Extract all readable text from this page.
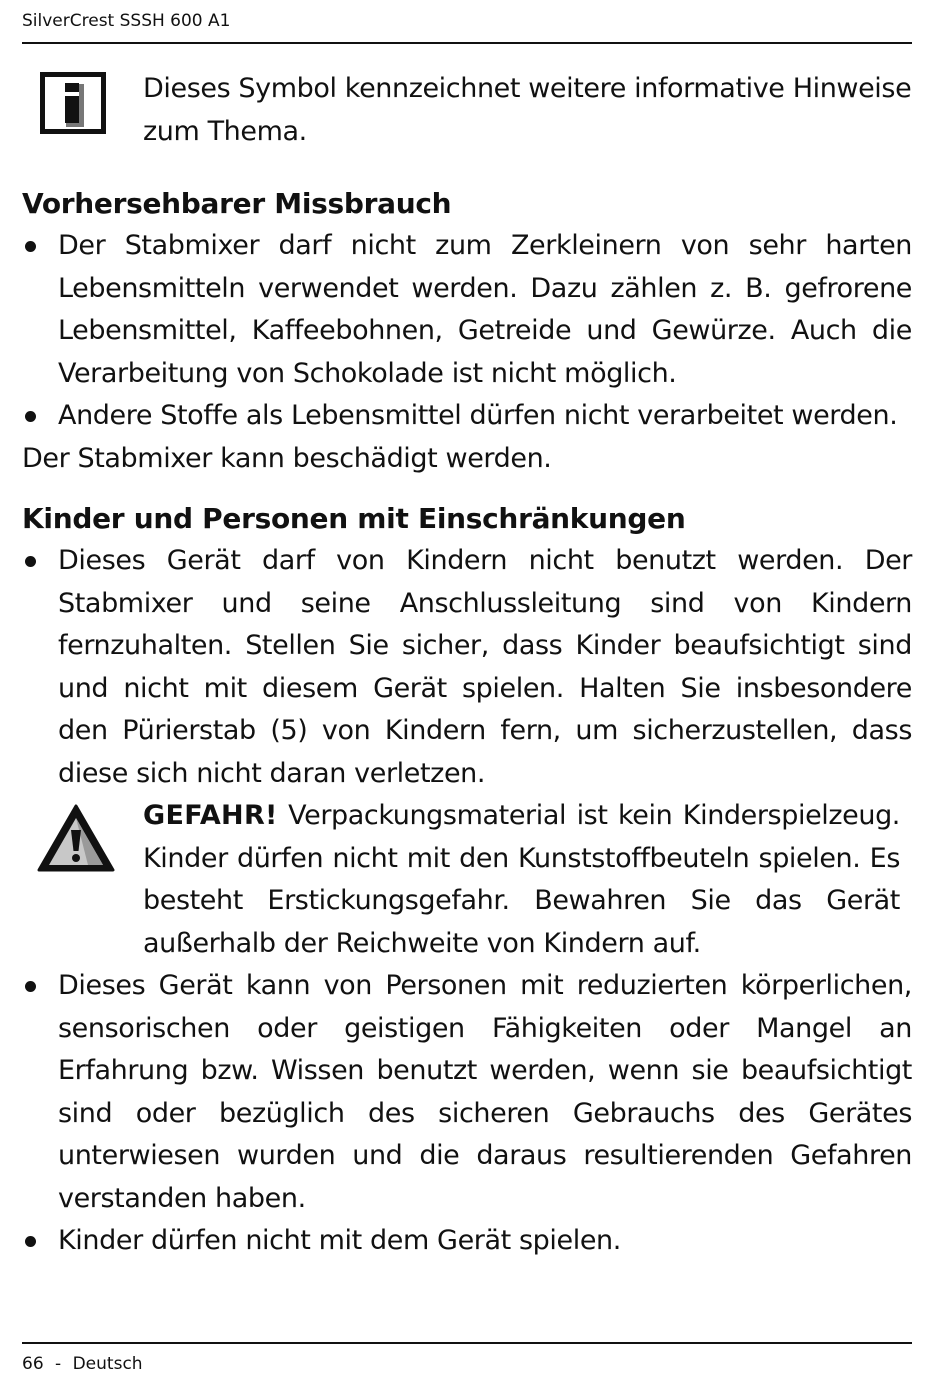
SilverCrest SSSH 600 A1

Dieses Symbol kennzeichnet weitere informative Hinweise zum Thema.

Vorhersehbarer Missbrauch
Der Stabmixer darf nicht zum Zerkleinern von sehr harten Lebensmitteln verwendet werden. Dazu zählen z. B. gefrorene Lebensmittel, Kaffeebohnen, Getreide und Gewürze. Auch die Verarbeitung von Schokolade ist nicht möglich.
Andere Stoffe als Lebensmittel dürfen nicht verarbeitet werden.

Der Stabmixer kann beschädigt werden.

Kinder und Personen mit Einschränkungen
Dieses Gerät darf von Kindern nicht benutzt werden. Der Stabmixer und seine Anschlussleitung sind von Kindern fernzuhalten. Stellen Sie sicher, dass Kinder beaufsichtigt sind und nicht mit diesem Gerät spielen. Halten Sie insbesondere den Pürierstab (5) von Kindern fern, um sicherzustellen, dass diese sich nicht daran verletzen.
GEFAHR! Verpackungsmaterial ist kein Kinderspielzeug. Kinder dürfen nicht mit den Kunststoffbeuteln spielen. Es besteht Erstickungsgefahr. Bewahren Sie das Gerät außerhalb der Reichweite von Kindern auf.
Dieses Gerät kann von Personen mit reduzierten körperlichen, sensorischen oder geistigen Fähigkeiten oder Mangel an Erfahrung bzw. Wissen benutzt werden, wenn sie beaufsichtigt sind oder bezüglich des sicheren Gebrauchs des Gerätes unterwiesen wurden und die daraus resultierenden Gefahren verstanden haben.
Kinder dürfen nicht mit dem Gerät spielen.
66 - Deutsch
